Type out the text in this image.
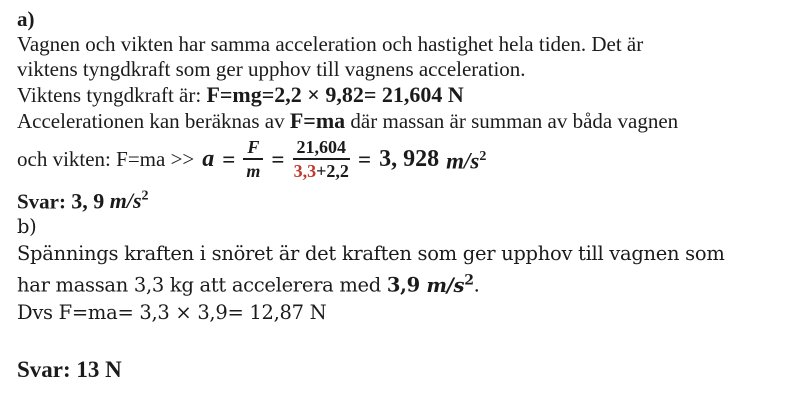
a)
Vagnen och vikten har samma acceleration och hastighet hela tiden. Det är
viktens tyngdkraft som ger upphov till vagnens acceleration.
Viktens tyngdkraft är: F=mg=2,2 × 9,82= 21,604 N
Accelerationen kan beräknas av F=ma där massan är summan av båda vagnen
och vikten: $F=ma >> a = \frac{F}{m} = \frac{21,604}{3,3+2,2} = 3$, 928 $m/s^2$
Svar: 3, 9 $m/s^2$
b)
Spännings kraften i snöret är det kraften som ger upphov till vagnen som
har massan 3,3 kg att accelerera med 3,9 $m/s^2$.
Dvs F=ma= 3,3 × 3,9= 12,87 N
Svar: 13 N
